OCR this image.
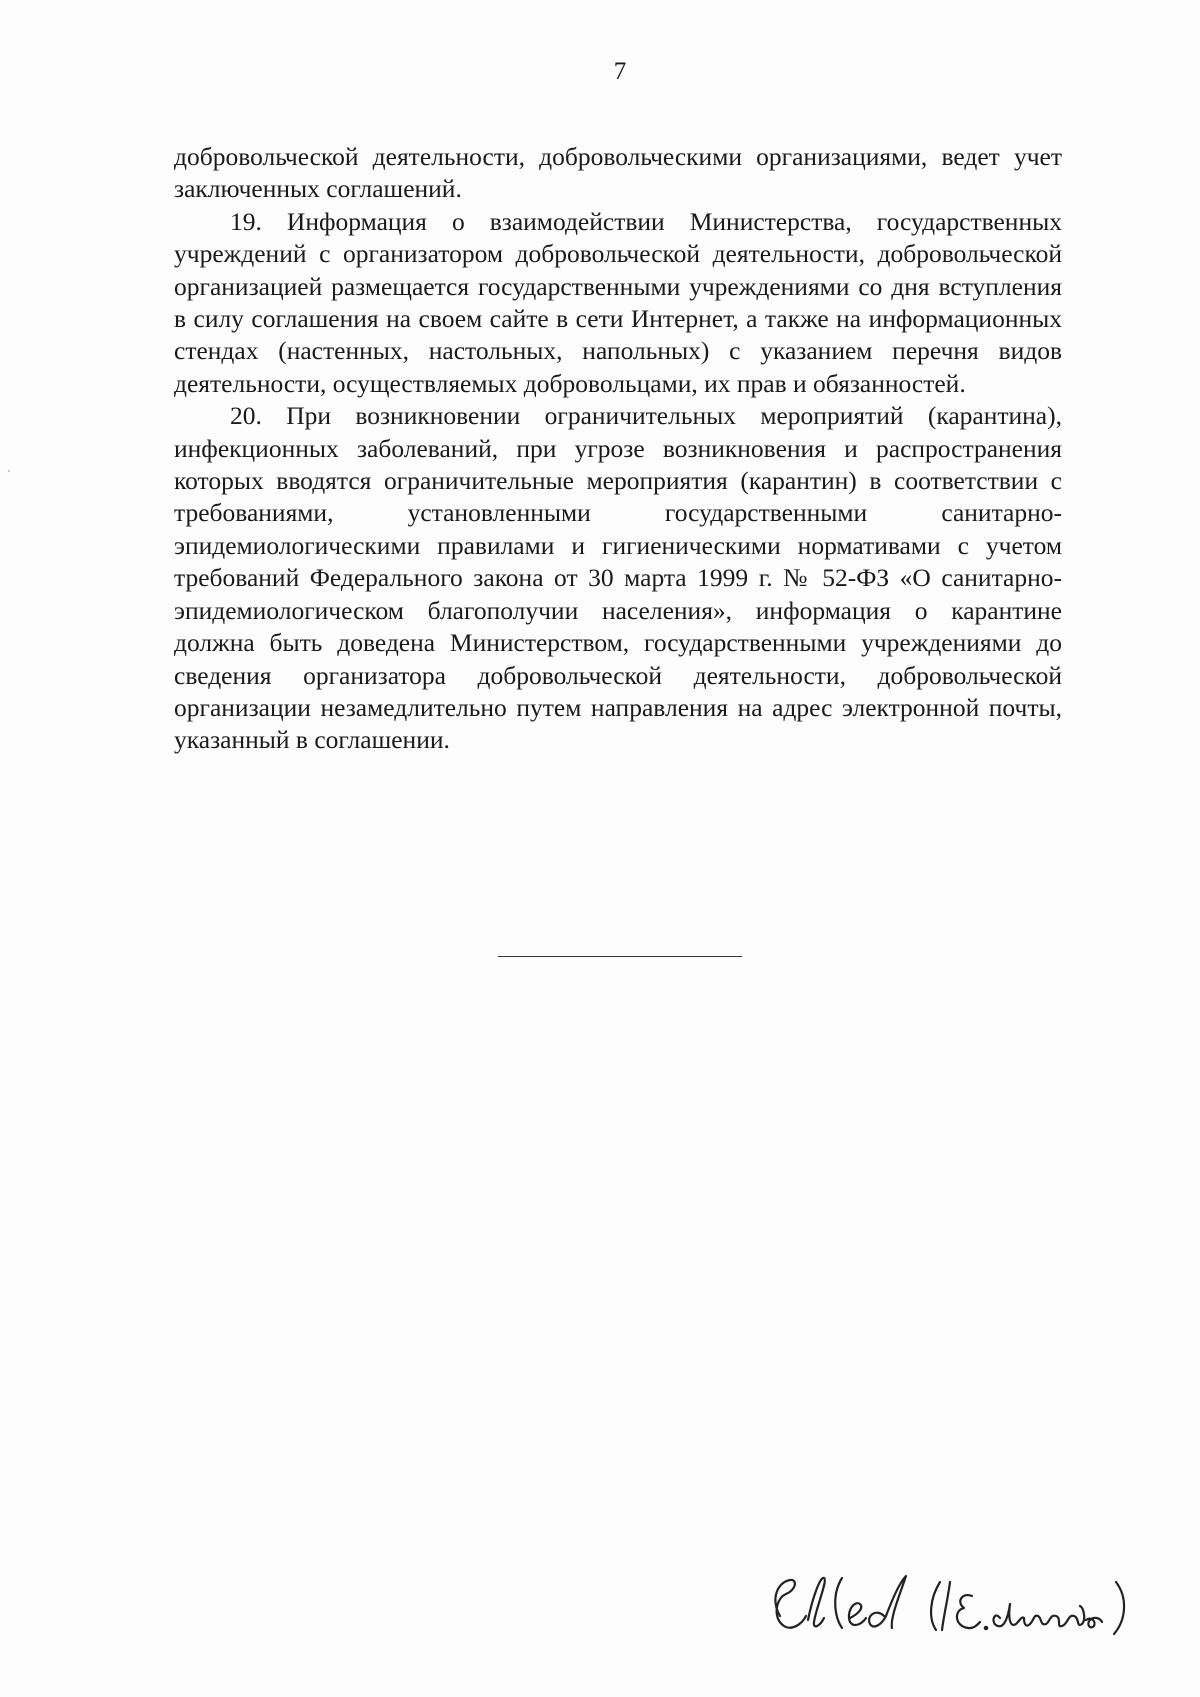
7

добровольческой деятельности, добровольческими организациями, ведет учет заключенных соглашений.

19. Информация о взаимодействии Министерства, государственных учреждений с организатором добровольческой деятельности, добровольческой организацией размещается государственными учреждениями со дня вступления в силу соглашения на своем сайте в сети Интернет, а также на информационных стендах (настенных, настольных, напольных) с указанием перечня видов деятельности, осуществляемых добровольцами, их прав и обязанностей.

20. При возникновении ограничительных мероприятий (карантина), инфекционных заболеваний, при угрозе возникновения и распространения которых вводятся ограничительные мероприятия (карантин) в соответствии с требованиями, установленными государственными санитарно-эпидемиологическими правилами и гигиеническими нормативами с учетом требований Федерального закона от 30 марта 1999 г. № 52-ФЗ «О санитарно-эпидемиологическом благополучии населения», информация о карантине должна быть доведена Министерством, государственными учреждениями до сведения организатора добровольческой деятельности, добровольческой организации незамедлительно путем направления на адрес электронной почты, указанный в соглашении.
